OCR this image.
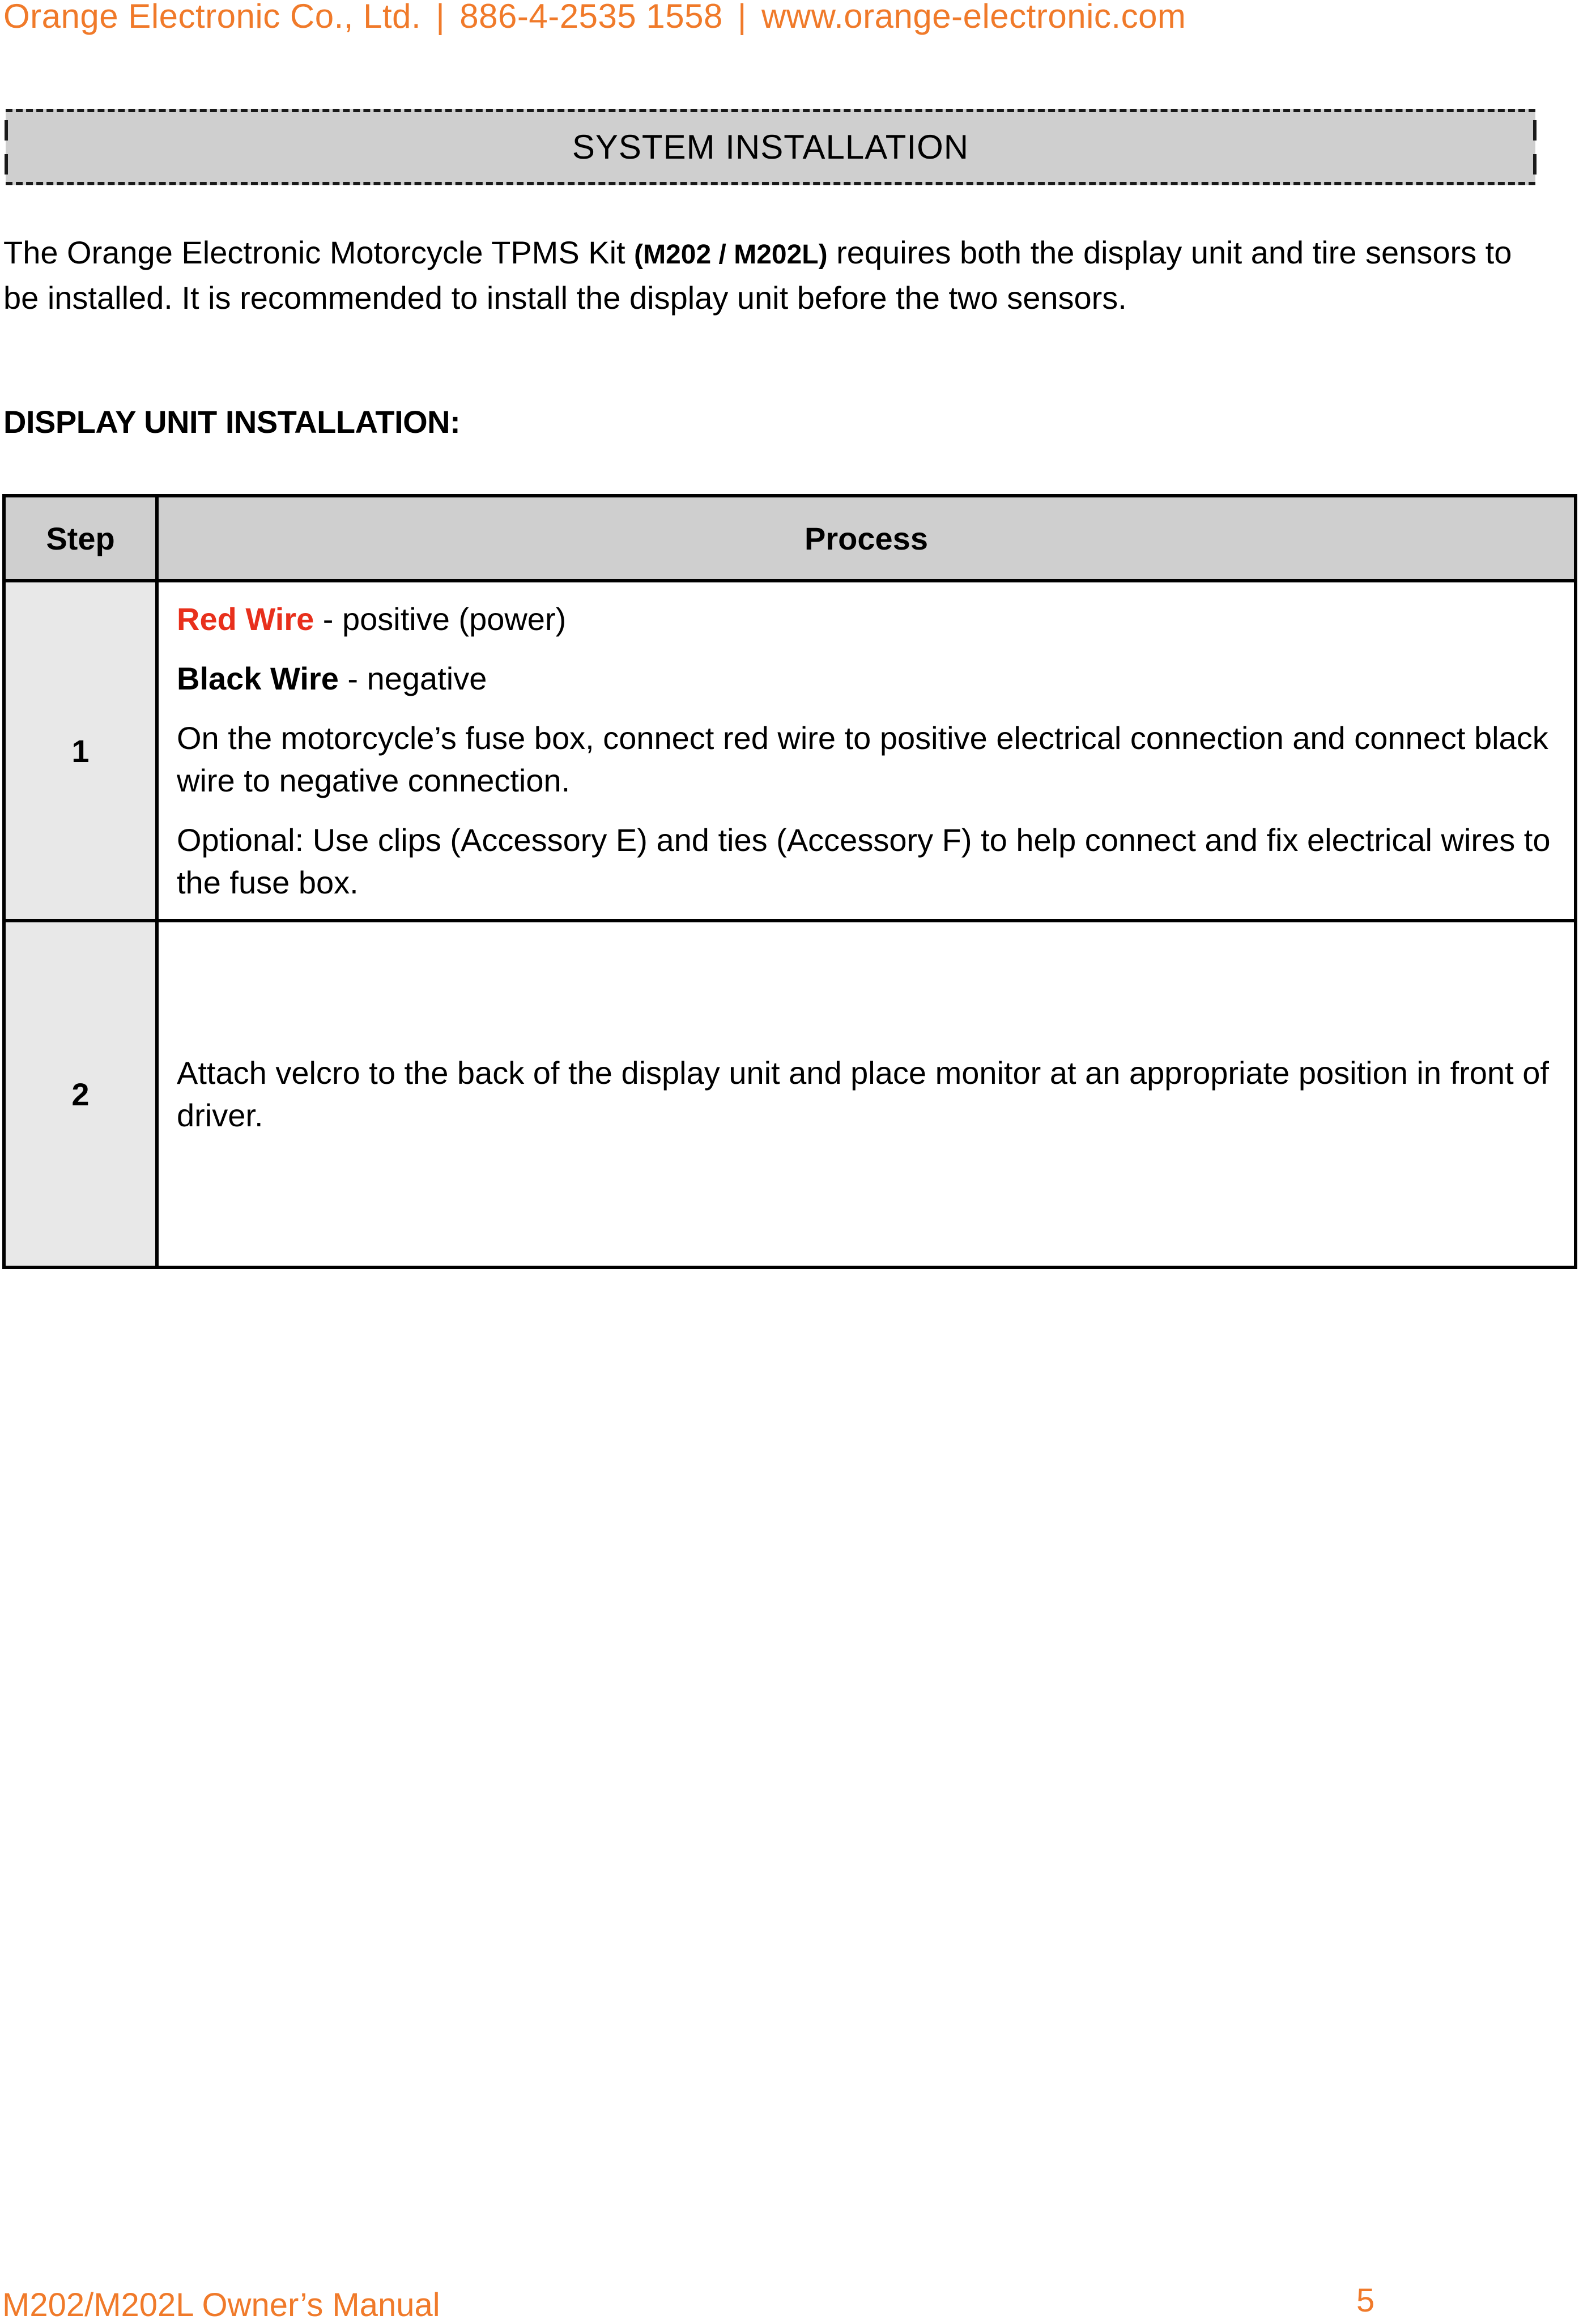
Orange Electronic Co., Ltd. | 886-4-2535 1558 | www.orange-electronic.com
SYSTEM INSTALLATION
The Orange Electronic Motorcycle TPMS Kit (M202 / M202L) requires both the display unit and tire sensors to be installed. It is recommended to install the display unit before the two sensors.
DISPLAY UNIT INSTALLATION:
Step	Process
1	Red Wire - positive (power)

Black Wire - negative

On the motorcycle’s fuse box, connect red wire to positive electrical connection and connect black wire to negative connection.

Optional: Use clips (Accessory E) and ties (Accessory F) to help connect and fix electrical wires to the fuse box.

2	Attach velcro to the back of the display unit and place monitor at an appropriate position in front of driver.

M202/M202L Owner’s Manual	5
